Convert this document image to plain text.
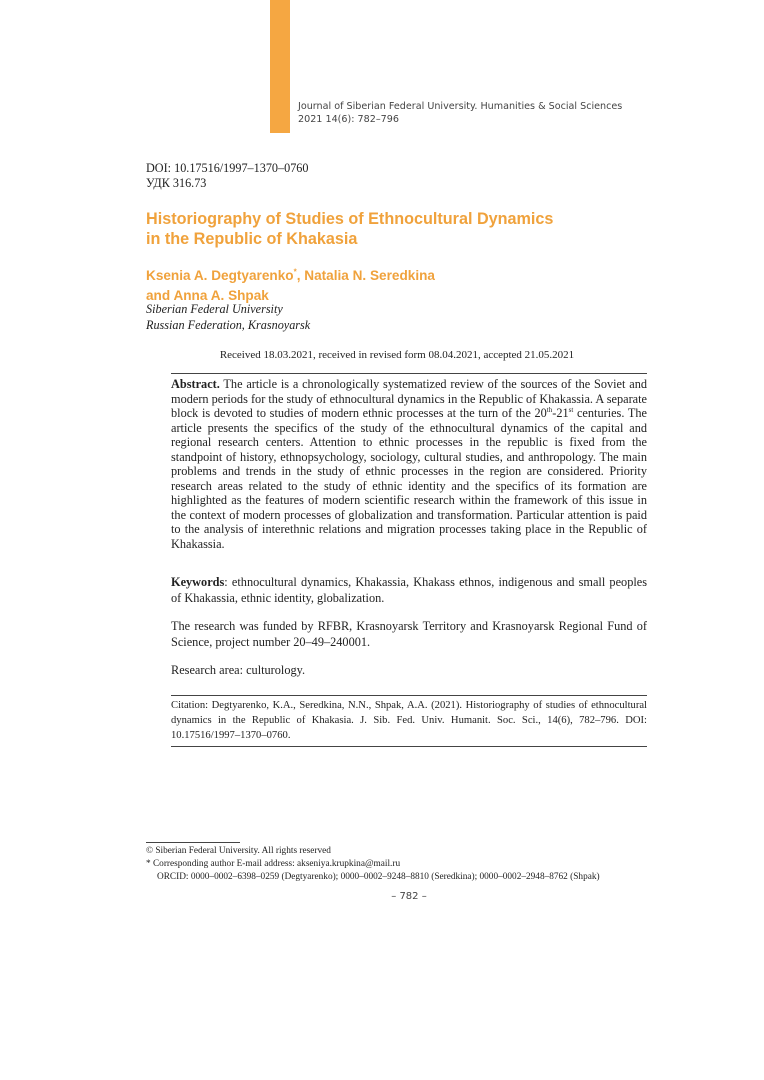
Journal of Siberian Federal University. Humanities & Social Sciences
2021 14(6): 782–796
DOI: 10.17516/1997–1370–0760
УДК 316.73
Historiography of Studies of Ethnocultural Dynamics
in the Republic of Khakasia
Ksenia A. Degtyarenko*, Natalia N. Seredkina
and Anna A. Shpak
Siberian Federal University
Russian Federation, Krasnoyarsk
Received 18.03.2021, received in revised form 08.04.2021, accepted 21.05.2021
Abstract. The article is a chronologically systematized review of the sources of the Soviet and modern periods for the study of ethnocultural dynamics in the Republic of Khakassia. A separate block is devoted to studies of modern ethnic processes at the turn of the 20th-21st centuries. The article presents the specifics of the study of the ethnocultural dynamics of the capital and regional research centers. Attention to ethnic processes in the republic is fixed from the standpoint of history, ethnopsychology, sociology, cultural studies, and anthropology. The main problems and trends in the study of ethnic processes in the region are considered. Priority research areas related to the study of ethnic identity and the specifics of its formation are highlighted as the features of modern scientific research within the framework of this issue in the context of modern processes of globalization and transformation. Particular attention is paid to the analysis of interethnic relations and migration processes taking place in the Republic of Khakassia.
Keywords: ethnocultural dynamics, Khakassia, Khakass ethnos, indigenous and small peoples of Khakassia, ethnic identity, globalization.
The research was funded by RFBR, Krasnoyarsk Territory and Krasnoyarsk Regional Fund of Science, project number 20–49–240001.
Research area: culturology.
Citation: Degtyarenko, K.A., Seredkina, N.N., Shpak, A.A. (2021). Historiography of studies of ethnocultural dynamics in the Republic of Khakasia. J. Sib. Fed. Univ. Humanit. Soc. Sci., 14(6), 782–796. DOI: 10.17516/1997–1370–0760.
© Siberian Federal University. All rights reserved
* Corresponding author E-mail address: akseniya.krupkina@mail.ru
ORCID: 0000–0002–6398–0259 (Degtyarenko); 0000–0002–9248–8810 (Seredkina); 0000–0002–2948–8762 (Shpak)
– 782 –
